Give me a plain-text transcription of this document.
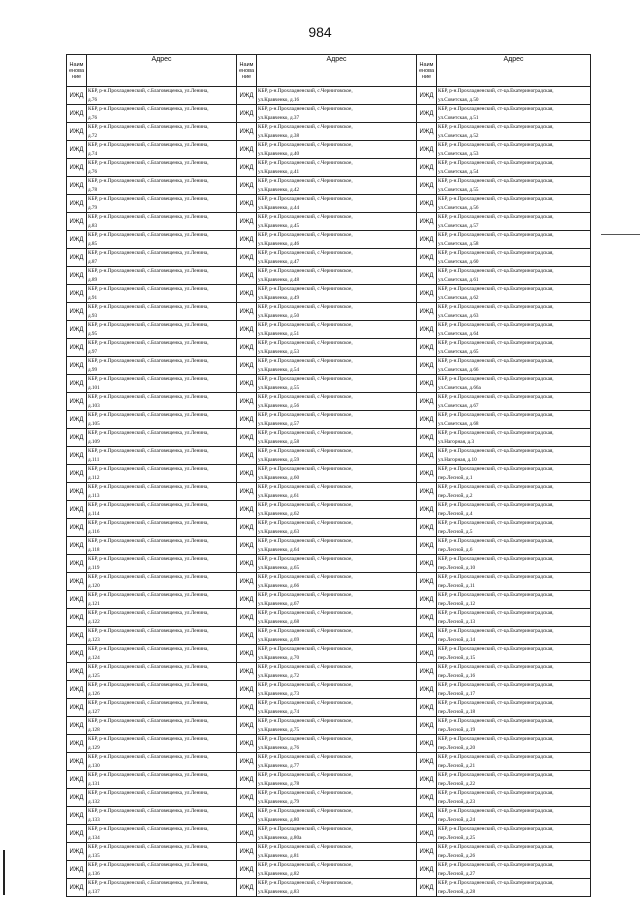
984
Наим енова ние	Адрес	Наим енова ние	Адрес	Наим енова ние	Адрес
ИЖД	КБР, р-н.Прохладненский, с.Благовещенка, ул.Ленина,
д.76	ИЖД	КБР, р-н.Прохладненский, с.Черниговское,
ул.Кравченко, д.16	ИЖД	КБР, р-н.Прохладненский, ст-ца.Екатериноградская,
ул.Советская, д.50

ИЖД	КБР, р-н.Прохладненский, с.Благовещенка, ул.Ленина,
д.76	ИЖД	КБР, р-н.Прохладненский, с.Черниговское,
ул.Кравченко, д.37	ИЖД	КБР, р-н.Прохладненский, ст-ца.Екатериноградская,
ул.Советская, д.51

ИЖД	КБР, р-н.Прохладненский, с.Благовещенка, ул.Ленина,
д.72	ИЖД	КБР, р-н.Прохладненский, с.Черниговское,
ул.Кравченко, д.38	ИЖД	КБР, р-н.Прохладненский, ст-ца.Екатериноградская,
ул.Советская, д.52

ИЖД	КБР, р-н.Прохладненский, с.Благовещенка, ул.Ленина,
д.74	ИЖД	КБР, р-н.Прохладненский, с.Черниговское,
ул.Кравченко, д.40	ИЖД	КБР, р-н.Прохладненский, ст-ца.Екатериноградская,
ул.Советская, д.53

ИЖД	КБР, р-н.Прохладненский, с.Благовещенка, ул.Ленина,
д.76	ИЖД	КБР, р-н.Прохладненский, с.Черниговское,
ул.Кравченко, д.41	ИЖД	КБР, р-н.Прохладненский, ст-ца.Екатериноградская,
ул.Советская, д.54

ИЖД	КБР, р-н.Прохладненский, с.Благовещенка, ул.Ленина,
д.78	ИЖД	КБР, р-н.Прохладненский, с.Черниговское,
ул.Кравченко, д.42	ИЖД	КБР, р-н.Прохладненский, ст-ца.Екатериноградская,
ул.Советская, д.55

ИЖД	КБР, р-н.Прохладненский, с.Благовещенка, ул.Ленина,
д.79	ИЖД	КБР, р-н.Прохладненский, с.Черниговское,
ул.Кравченко, д.44	ИЖД	КБР, р-н.Прохладненский, ст-ца.Екатериноградская,
ул.Советская, д.56

ИЖД	КБР, р-н.Прохладненский, с.Благовещенка, ул.Ленина,
д.83	ИЖД	КБР, р-н.Прохладненский, с.Черниговское,
ул.Кравченко, д.45	ИЖД	КБР, р-н.Прохладненский, ст-ца.Екатериноградская,
ул.Советская, д.57

ИЖД	КБР, р-н.Прохладненский, с.Благовещенка, ул.Ленина,
д.85	ИЖД	КБР, р-н.Прохладненский, с.Черниговское,
ул.Кравченко, д.46	ИЖД	КБР, р-н.Прохладненский, ст-ца.Екатериноградская,
ул.Советская, д.58

ИЖД	КБР, р-н.Прохладненский, с.Благовещенка, ул.Ленина,
д.87	ИЖД	КБР, р-н.Прохладненский, с.Черниговское,
ул.Кравченко, д.47	ИЖД	КБР, р-н.Прохладненский, ст-ца.Екатериноградская,
ул.Советская, д.60

ИЖД	КБР, р-н.Прохладненский, с.Благовещенка, ул.Ленина,
д.89	ИЖД	КБР, р-н.Прохладненский, с.Черниговское,
ул.Кравченко, д.48	ИЖД	КБР, р-н.Прохладненский, ст-ца.Екатериноградская,
ул.Советская, д.61

ИЖД	КБР, р-н.Прохладненский, с.Благовещенка, ул.Ленина,
д.91	ИЖД	КБР, р-н.Прохладненский, с.Черниговское,
ул.Кравченко, д.49	ИЖД	КБР, р-н.Прохладненский, ст-ца.Екатериноградская,
ул.Советская, д.62

ИЖД	КБР, р-н.Прохладненский, с.Благовещенка, ул.Ленина,
д.93	ИЖД	КБР, р-н.Прохладненский, с.Черниговское,
ул.Кравченко, д.50	ИЖД	КБР, р-н.Прохладненский, ст-ца.Екатериноградская,
ул.Советская, д.63

ИЖД	КБР, р-н.Прохладненский, с.Благовещенка, ул.Ленина,
д.95	ИЖД	КБР, р-н.Прохладненский, с.Черниговское,
ул.Кравченко, д.51	ИЖД	КБР, р-н.Прохладненский, ст-ца.Екатериноградская,
ул.Советская, д.64

ИЖД	КБР, р-н.Прохладненский, с.Благовещенка, ул.Ленина,
д.97	ИЖД	КБР, р-н.Прохладненский, с.Черниговское,
ул.Кравченко, д.53	ИЖД	КБР, р-н.Прохладненский, ст-ца.Екатериноградская,
ул.Советская, д.65

ИЖД	КБР, р-н.Прохладненский, с.Благовещенка, ул.Ленина,
д.99	ИЖД	КБР, р-н.Прохладненский, с.Черниговское,
ул.Кравченко, д.54	ИЖД	КБР, р-н.Прохладненский, ст-ца.Екатериноградская,
ул.Советская, д.66

ИЖД	КБР, р-н.Прохладненский, с.Благовещенка, ул.Ленина,
д.101	ИЖД	КБР, р-н.Прохладненский, с.Черниговское,
ул.Кравченко, д.55	ИЖД	КБР, р-н.Прохладненский, ст-ца.Екатериноградская,
ул.Советская, д.66а

ИЖД	КБР, р-н.Прохладненский, с.Благовещенка, ул.Ленина,
д.103	ИЖД	КБР, р-н.Прохладненский, с.Черниговское,
ул.Кравченко, д.56	ИЖД	КБР, р-н.Прохладненский, ст-ца.Екатериноградская,
ул.Советская, д.67

ИЖД	КБР, р-н.Прохладненский, с.Благовещенка, ул.Ленина,
д.105	ИЖД	КБР, р-н.Прохладненский, с.Черниговское,
ул.Кравченко, д.57	ИЖД	КБР, р-н.Прохладненский, ст-ца.Екатериноградская,
ул.Советская, д.68

ИЖД	КБР, р-н.Прохладненский, с.Благовещенка, ул.Ленина,
д.109	ИЖД	КБР, р-н.Прохладненский, с.Черниговское,
ул.Кравченко, д.58	ИЖД	КБР, р-н.Прохладненский, ст-ца.Екатериноградская,
ул.Нагорная, д.3

ИЖД	КБР, р-н.Прохладненский, с.Благовещенка, ул.Ленина,
д.111	ИЖД	КБР, р-н.Прохладненский, с.Черниговское,
ул.Кравченко, д.59	ИЖД	КБР, р-н.Прохладненский, ст-ца.Екатериноградская,
ул.Нагорная, д.10

ИЖД	КБР, р-н.Прохладненский, с.Благовещенка, ул.Ленина,
д.112	ИЖД	КБР, р-н.Прохладненский, с.Черниговское,
ул.Кравченко, д.60	ИЖД	КБР, р-н.Прохладненский, ст-ца.Екатериноградская,
пер.Лесной, д.1

ИЖД	КБР, р-н.Прохладненский, с.Благовещенка, ул.Ленина,
д.113	ИЖД	КБР, р-н.Прохладненский, с.Черниговское,
ул.Кравченко, д.61	ИЖД	КБР, р-н.Прохладненский, ст-ца.Екатериноградская,
пер.Лесной, д.2

ИЖД	КБР, р-н.Прохладненский, с.Благовещенка, ул.Ленина,
д.114	ИЖД	КБР, р-н.Прохладненский, с.Черниговское,
ул.Кравченко, д.62	ИЖД	КБР, р-н.Прохладненский, ст-ца.Екатериноградская,
пер.Лесной, д.4

ИЖД	КБР, р-н.Прохладненский, с.Благовещенка, ул.Ленина,
д.116	ИЖД	КБР, р-н.Прохладненский, с.Черниговское,
ул.Кравченко, д.63	ИЖД	КБР, р-н.Прохладненский, ст-ца.Екатериноградская,
пер.Лесной, д.5

ИЖД	КБР, р-н.Прохладненский, с.Благовещенка, ул.Ленина,
д.118	ИЖД	КБР, р-н.Прохладненский, с.Черниговское,
ул.Кравченко, д.64	ИЖД	КБР, р-н.Прохладненский, ст-ца.Екатериноградская,
пер.Лесной, д.6

ИЖД	КБР, р-н.Прохладненский, с.Благовещенка, ул.Ленина,
д.119	ИЖД	КБР, р-н.Прохладненский, с.Черниговское,
ул.Кравченко, д.65	ИЖД	КБР, р-н.Прохладненский, ст-ца.Екатериноградская,
пер.Лесной, д.10

ИЖД	КБР, р-н.Прохладненский, с.Благовещенка, ул.Ленина,
д.120	ИЖД	КБР, р-н.Прохладненский, с.Черниговское,
ул.Кравченко, д.66	ИЖД	КБР, р-н.Прохладненский, ст-ца.Екатериноградская,
пер.Лесной, д.11

ИЖД	КБР, р-н.Прохладненский, с.Благовещенка, ул.Ленина,
д.121	ИЖД	КБР, р-н.Прохладненский, с.Черниговское,
ул.Кравченко, д.67	ИЖД	КБР, р-н.Прохладненский, ст-ца.Екатериноградская,
пер.Лесной, д.12

ИЖД	КБР, р-н.Прохладненский, с.Благовещенка, ул.Ленина,
д.122	ИЖД	КБР, р-н.Прохладненский, с.Черниговское,
ул.Кравченко, д.68	ИЖД	КБР, р-н.Прохладненский, ст-ца.Екатериноградская,
пер.Лесной, д.13

ИЖД	КБР, р-н.Прохладненский, с.Благовещенка, ул.Ленина,
д.123	ИЖД	КБР, р-н.Прохладненский, с.Черниговское,
ул.Кравченко, д.69	ИЖД	КБР, р-н.Прохладненский, ст-ца.Екатериноградская,
пер.Лесной, д.14

ИЖД	КБР, р-н.Прохладненский, с.Благовещенка, ул.Ленина,
д.124	ИЖД	КБР, р-н.Прохладненский, с.Черниговское,
ул.Кравченко, д.70	ИЖД	КБР, р-н.Прохладненский, ст-ца.Екатериноградская,
пер.Лесной, д.15

ИЖД	КБР, р-н.Прохладненский, с.Благовещенка, ул.Ленина,
д.125	ИЖД	КБР, р-н.Прохладненский, с.Черниговское,
ул.Кравченко, д.72	ИЖД	КБР, р-н.Прохладненский, ст-ца.Екатериноградская,
пер.Лесной, д.16

ИЖД	КБР, р-н.Прохладненский, с.Благовещенка, ул.Ленина,
д.126	ИЖД	КБР, р-н.Прохладненский, с.Черниговское,
ул.Кравченко, д.73	ИЖД	КБР, р-н.Прохладненский, ст-ца.Екатериноградская,
пер.Лесной, д.17

ИЖД	КБР, р-н.Прохладненский, с.Благовещенка, ул.Ленина,
д.127	ИЖД	КБР, р-н.Прохладненский, с.Черниговское,
ул.Кравченко, д.74	ИЖД	КБР, р-н.Прохладненский, ст-ца.Екатериноградская,
пер.Лесной, д.18

ИЖД	КБР, р-н.Прохладненский, с.Благовещенка, ул.Ленина,
д.128	ИЖД	КБР, р-н.Прохладненский, с.Черниговское,
ул.Кравченко, д.75	ИЖД	КБР, р-н.Прохладненский, ст-ца.Екатериноградская,
пер.Лесной, д.19

ИЖД	КБР, р-н.Прохладненский, с.Благовещенка, ул.Ленина,
д.129	ИЖД	КБР, р-н.Прохладненский, с.Черниговское,
ул.Кравченко, д.76	ИЖД	КБР, р-н.Прохладненский, ст-ца.Екатериноградская,
пер.Лесной, д.20

ИЖД	КБР, р-н.Прохладненский, с.Благовещенка, ул.Ленина,
д.130	ИЖД	КБР, р-н.Прохладненский, с.Черниговское,
ул.Кравченко, д.77	ИЖД	КБР, р-н.Прохладненский, ст-ца.Екатериноградская,
пер.Лесной, д.21

ИЖД	КБР, р-н.Прохладненский, с.Благовещенка, ул.Ленина,
д.131	ИЖД	КБР, р-н.Прохладненский, с.Черниговское,
ул.Кравченко, д.78	ИЖД	КБР, р-н.Прохладненский, ст-ца.Екатериноградская,
пер.Лесной, д.22

ИЖД	КБР, р-н.Прохладненский, с.Благовещенка, ул.Ленина,
д.132	ИЖД	КБР, р-н.Прохладненский, с.Черниговское,
ул.Кравченко, д.79	ИЖД	КБР, р-н.Прохладненский, ст-ца.Екатериноградская,
пер.Лесной, д.23

ИЖД	КБР, р-н.Прохладненский, с.Благовещенка, ул.Ленина,
д.133	ИЖД	КБР, р-н.Прохладненский, с.Черниговское,
ул.Кравченко, д.80	ИЖД	КБР, р-н.Прохладненский, ст-ца.Екатериноградская,
пер.Лесной, д.24

ИЖД	КБР, р-н.Прохладненский, с.Благовещенка, ул.Ленина,
д.134	ИЖД	КБР, р-н.Прохладненский, с.Черниговское,
ул.Кравченко, д.80а	ИЖД	КБР, р-н.Прохладненский, ст-ца.Екатериноградская,
пер.Лесной, д.25

ИЖД	КБР, р-н.Прохладненский, с.Благовещенка, ул.Ленина,
д.135	ИЖД	КБР, р-н.Прохладненский, с.Черниговское,
ул.Кравченко, д.81	ИЖД	КБР, р-н.Прохладненский, ст-ца.Екатериноградская,
пер.Лесной, д.26

ИЖД	КБР, р-н.Прохладненский, с.Благовещенка, ул.Ленина,
д.136	ИЖД	КБР, р-н.Прохладненский, с.Черниговское,
ул.Кравченко, д.82	ИЖД	КБР, р-н.Прохладненский, ст-ца.Екатериноградская,
пер.Лесной, д.27

ИЖД	КБР, р-н.Прохладненский, с.Благовещенка, ул.Ленина,
д.137	ИЖД	КБР, р-н.Прохладненский, с.Черниговское,
ул.Кравченко, д.83	ИЖД	КБР, р-н.Прохладненский, ст-ца.Екатериноградская,
пер.Лесной, д.28
